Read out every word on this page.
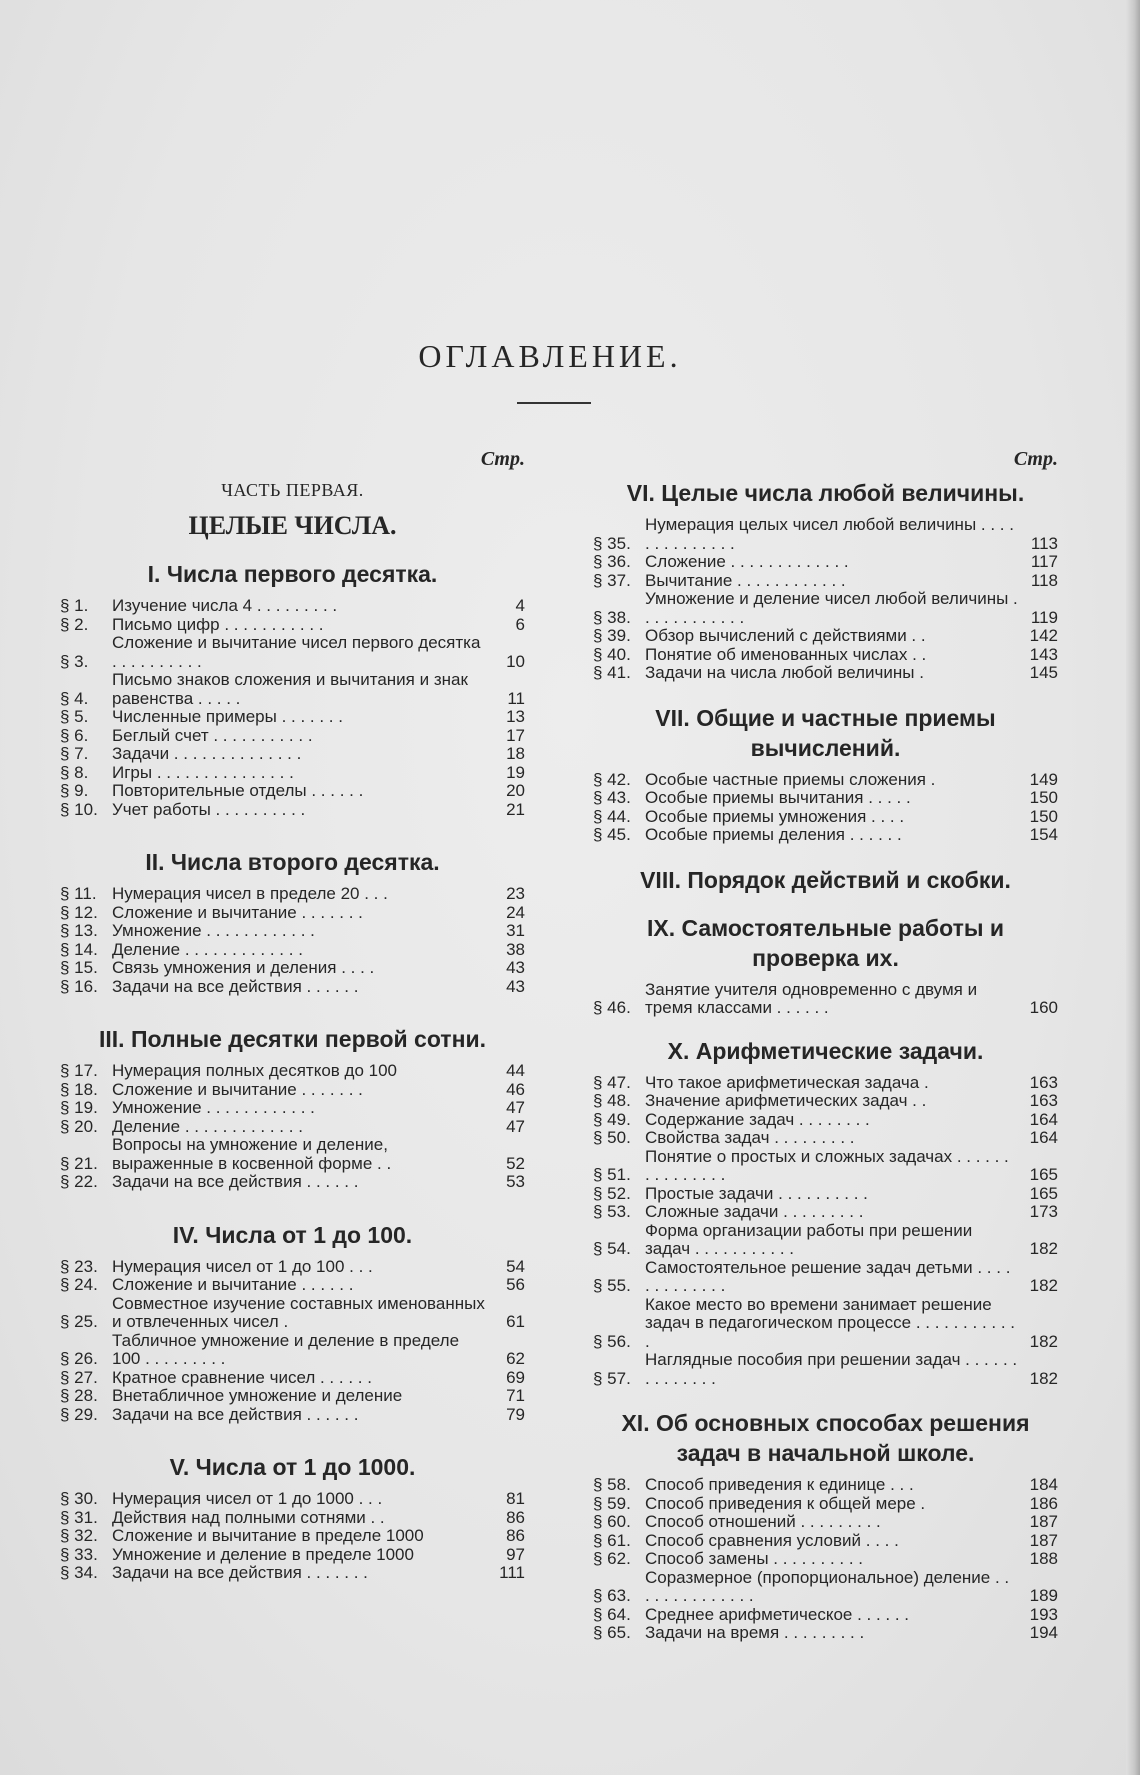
ОГЛАВЛЕНИЕ.
Стр.
ЧАСТЬ ПЕРВАЯ.
ЦЕЛЫЕ ЧИСЛА.
I. Числа первого десятка.
§ 1.	Изучение числа 4 . . . . . . . . .	4
§ 2.	Письмо цифр . . . . . . . . . . .	6
§ 3.
Сложение и вычитание чисел первого десятка . . . . . . . . . .	10
§ 4.
Письмо знаков сложения и вычитания и знак равенства . . . . .	11
§ 5.	Численные примеры . . . . . . .	13
§ 6.	Беглый счет . . . . . . . . . . .	17
§ 7.	Задачи . . . . . . . . . . . . . .	18
§ 8.	Игры . . . . . . . . . . . . . . .	19
§ 9.	Повторительные отделы . . . . . .	20
§ 10. Учет работы . . . . . . . . . .	21
II. Числа второго десятка.
§ 11. Нумерация чисел в пределе 20 . . .	23
§ 12. Сложение и вычитание . . . . . . .	24
§ 13. Умножение . . . . . . . . . . . .	31
§ 14. Деление . . . . . . . . . . . . .	38
§ 15. Связь умножения и деления . . . .	43
§ 16. Задачи на все действия . . . . . .	43
III. Полные десятки первой сотни.
§ 17. Нумерация полных десятков до 100	44
§ 18. Сложение и вычитание . . . . . . .	46
§ 19. Умножение . . . . . . . . . . . .	47
§ 20. Деление . . . . . . . . . . . . .	47
§ 21.
Вопросы на умножение и деление, выраженные в косвенной форме . .	52
§ 22. Задачи на все действия . . . . . .	53
IV. Числа от 1 до 100.
§ 23. Нумерация чисел от 1 до 100 . . .	54
§ 24. Сложение и вычитание . . . . . .	56
§ 25.
Совместное изучение составных именованных и отвлеченных чисел .	61
§ 26.
Табличное умножение и деление в пределе 100 . . . . . . . . .	62
§ 27. Кратное сравнение чисел . . . . . .	69
§ 28. Внетабличное умножение и деление	71
§ 29. Задачи на все действия . . . . . .	79
V. Числа от 1 до 1000.
§ 30. Нумерация чисел от 1 до 1000 . . .	81
§ 31. Действия над полными сотнями . .	86
§ 32. Сложение и вычитание в пределе 1000	86
§ 33. Умножение и деление в пределе 1000	97
§ 34. Задачи на все действия . . . . . . .	111
Стр.
VI. Целые числа любой величины.
§ 35.
Нумерация целых чисел любой величины . . . . . . . . . . . . . .	113
§ 36. Сложение . . . . . . . . . . . . .	117
§ 37. Вычитание . . . . . . . . . . . .	118
§ 38.
Умножение и деление чисел любой величины . . . . . . . . . . . .	119
§ 39. Обзор вычислений с действиями . .	142
§ 40. Понятие об именованных числах . .	143
§ 41. Задачи на числа любой величины .	145
VII. Общие и частные приемы вычислений.
§ 42. Особые частные приемы сложения .	149
§ 43. Особые приемы вычитания . . . . .	150
§ 44. Особые приемы умножения . . . .	150
§ 45. Особые приемы деления . . . . . .	154
VIII. Порядок действий и скобки.
IX. Самостоятельные работы и проверка их.
§ 46.
Занятие учителя одновременно с двумя и тремя классами . . . . . .	160
X. Арифметические задачи.
§ 47. Что такое арифметическая задача .	163
§ 48. Значение арифметических задач . .	163
§ 49. Содержание задач . . . . . . . .	164
§ 50. Свойства задач . . . . . . . . .	164
§ 51.
Понятие о простых и сложных задачах . . . . . . . . . . . . . . .	165
§ 52. Простые задачи . . . . . . . . . .	165
§ 53. Сложные задачи . . . . . . . . .	173
§ 54.
Форма организации работы при решении задач . . . . . . . . . . .	182
§ 55.
Самостоятельное решение задач детьми . . . . . . . . . . . . .	182
§ 56.
Какое место во времени занимает решение задач в педагогическом процессе . . . . . . . . . . . .	182
§ 57.
Наглядные пособия при решении задач . . . . . . . . . . . . . .	182
XI. Об основных способах решения задач в начальной школе.
§ 58. Способ приведения к единице . . .	184
§ 59. Способ приведения к общей мере .	186
§ 60. Способ отношений . . . . . . . . .	187
§ 61. Способ сравнения условий . . . .	187
§ 62. Способ замены . . . . . . . . . .	188
§ 63.
Соразмерное (пропорциональное) деление . . . . . . . . . . . . . .	189
§ 64. Среднее арифметическое . . . . . .	193
§ 65. Задачи на время . . . . . . . . .	194
